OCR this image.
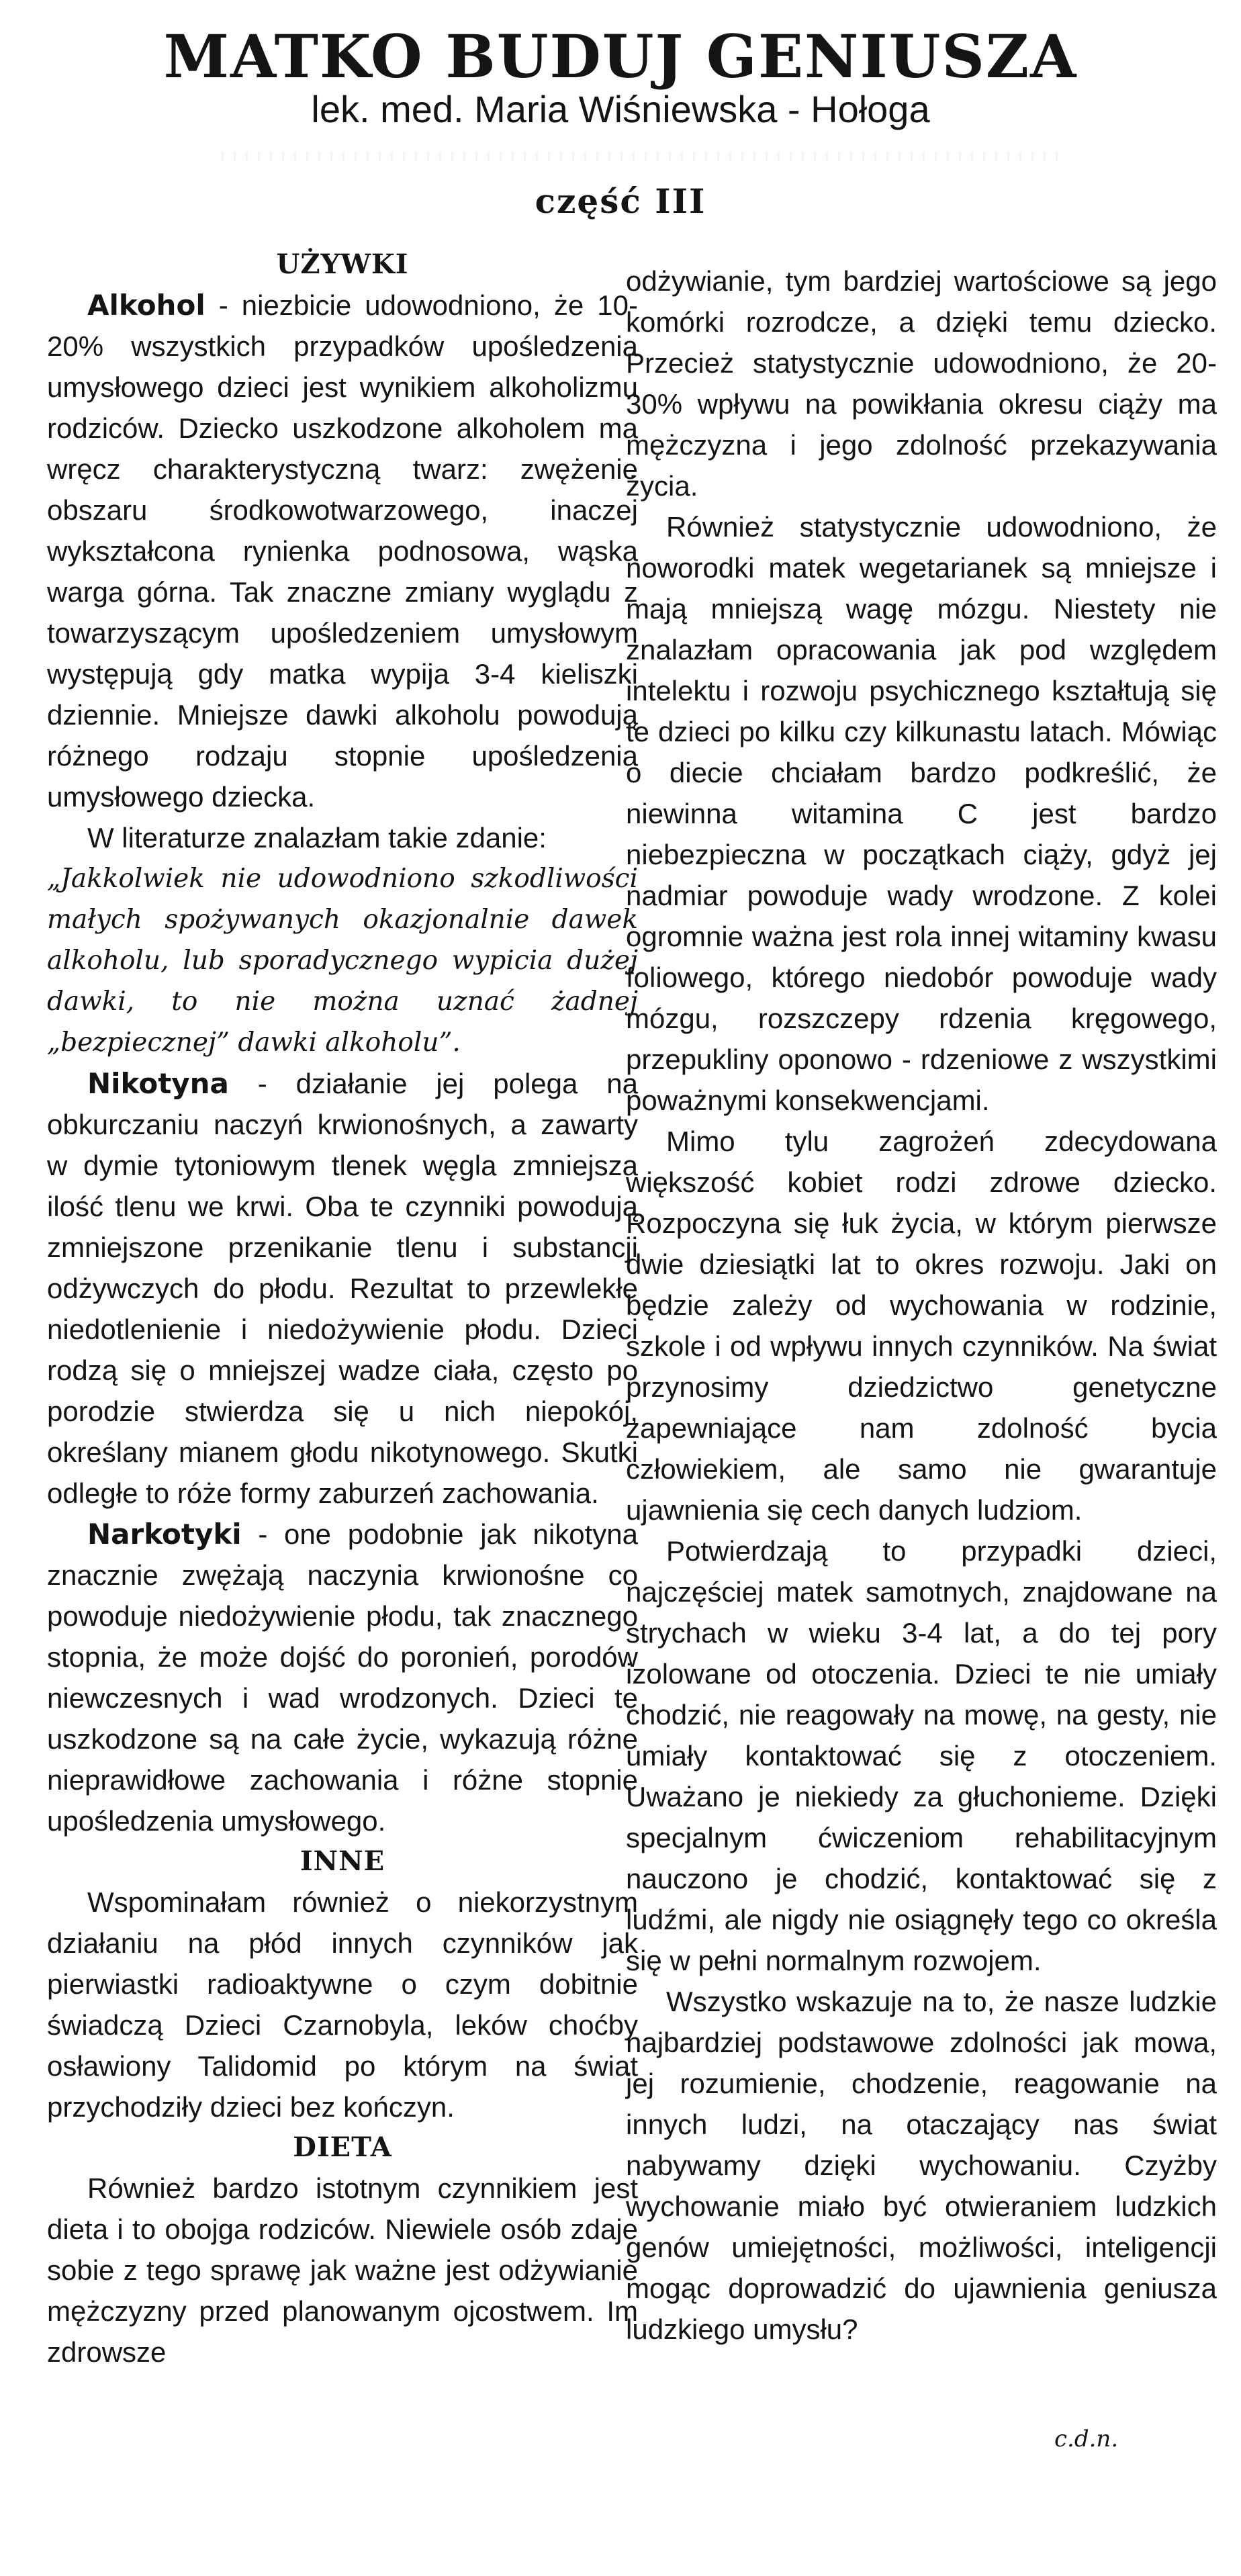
MATKO BUDUJ GENIUSZA
lek. med. Maria Wiśniewska - Hołoga
część III
UŻYWKI

Alkohol - niezbicie udowodniono, że 10-20% wszystkich przypadków upośledzenia umysłowego dzieci jest wynikiem alkoholizmu rodziców. Dziecko uszkodzone alkoholem ma wręcz charakterystyczną twarz: zwężenie obszaru środkowotwarzowego, inaczej wykształcona rynienka podnosowa, wąska warga górna. Tak znaczne zmiany wyglądu z towarzyszącym upośledzeniem umysłowym występują gdy matka wypija 3-4 kieliszki dziennie. Mniejsze dawki alkoholu powodują różnego rodzaju stopnie upośledzenia umysłowego dziecka.

W literaturze znalazłam takie zdanie:

„Jakkolwiek nie udowodniono szkodliwości małych spożywanych okazjonalnie dawek alkoholu, lub sporadycznego wypicia dużej dawki, to nie można uznać żadnej „bezpiecznej” dawki alkoholu”.

Nikotyna - działanie jej polega na obkurczaniu naczyń krwionośnych, a zawarty w dymie tytoniowym tlenek węgla zmniejsza ilość tlenu we krwi. Oba te czynniki powodują zmniejszone przenikanie tlenu i substancji odżywczych do płodu. Rezultat to przewlekłe niedotlenienie i niedożywienie płodu. Dzieci rodzą się o mniejszej wadze ciała, często po porodzie stwierdza się u nich niepokój, określany mianem głodu nikotynowego. Skutki odległe to róże formy zaburzeń zachowania.

Narkotyki - one podobnie jak nikotyna znacznie zwężają naczynia krwionośne co powoduje niedożywienie płodu, tak znacznego stopnia, że może dojść do poronień, porodów niewczesnych i wad wrodzonych. Dzieci te uszkodzone są na całe życie, wykazują różne nieprawidłowe zachowania i różne stopnie upośledzenia umysłowego.

INNE

Wspominałam również o niekorzystnym działaniu na płód innych czynników jak pierwiastki radioaktywne o czym dobitnie świadczą Dzieci Czarnobyla, leków choćby osławiony Talidomid po którym na świat przychodziły dzieci bez kończyn.

DIETA

Również bardzo istotnym czynnikiem jest dieta i to obojga rodziców. Niewiele osób zdaje sobie z tego sprawę jak ważne jest odżywianie mężczyzny przed planowanym ojcostwem. Im zdrowsze

odżywianie, tym bardziej wartościowe są jego komórki rozrodcze, a dzięki temu dziecko. Przecież statystycznie udowodniono, że 20-30% wpływu na powikłania okresu ciąży ma mężczyzna i jego zdolność przekazywania życia.

Również statystycznie udowodniono, że noworodki matek wegetarianek są mniejsze i mają mniejszą wagę mózgu. Niestety nie znalazłam opracowania jak pod względem intelektu i rozwoju psychicznego kształtują się te dzieci po kilku czy kilkunastu latach. Mówiąc o diecie chciałam bardzo podkreślić, że niewinna witamina C jest bardzo niebezpieczna w początkach ciąży, gdyż jej nadmiar powoduje wady wrodzone. Z kolei ogromnie ważna jest rola innej witaminy kwasu foliowego, którego niedobór powoduje wady mózgu, rozszczepy rdzenia kręgowego, przepukliny oponowo - rdzeniowe z wszystkimi poważnymi konsekwencjami.

Mimo tylu zagrożeń zdecydowana większość kobiet rodzi zdrowe dziecko. Rozpoczyna się łuk życia, w którym pierwsze dwie dziesiątki lat to okres rozwoju. Jaki on będzie zależy od wychowania w rodzinie, szkole i od wpływu innych czynników. Na świat przynosimy dziedzictwo genetyczne zapewniające nam zdolność bycia człowiekiem, ale samo nie gwarantuje ujawnienia się cech danych ludziom.

Potwierdzają to przypadki dzieci, najczęściej matek samotnych, znajdowane na strychach w wieku 3-4 lat, a do tej pory izolowane od otoczenia. Dzieci te nie umiały chodzić, nie reagowały na mowę, na gesty, nie umiały kontaktować się z otoczeniem. Uważano je niekiedy za głuchonieme. Dzięki specjalnym ćwiczeniom rehabilitacyjnym nauczono je chodzić, kontaktować się z ludźmi, ale nigdy nie osiągnęły tego co określa się w pełni normalnym rozwojem.

Wszystko wskazuje na to, że nasze ludzkie najbardziej podstawowe zdolności jak mowa, jej rozumienie, chodzenie, reagowanie na innych ludzi, na otaczający nas świat nabywamy dzięki wychowaniu. Czyżby wychowanie miało być otwieraniem ludzkich genów umiejętności, możliwości, inteligencji mogąc doprowadzić do ujawnienia geniusza ludzkiego umysłu?

c.d.n.
